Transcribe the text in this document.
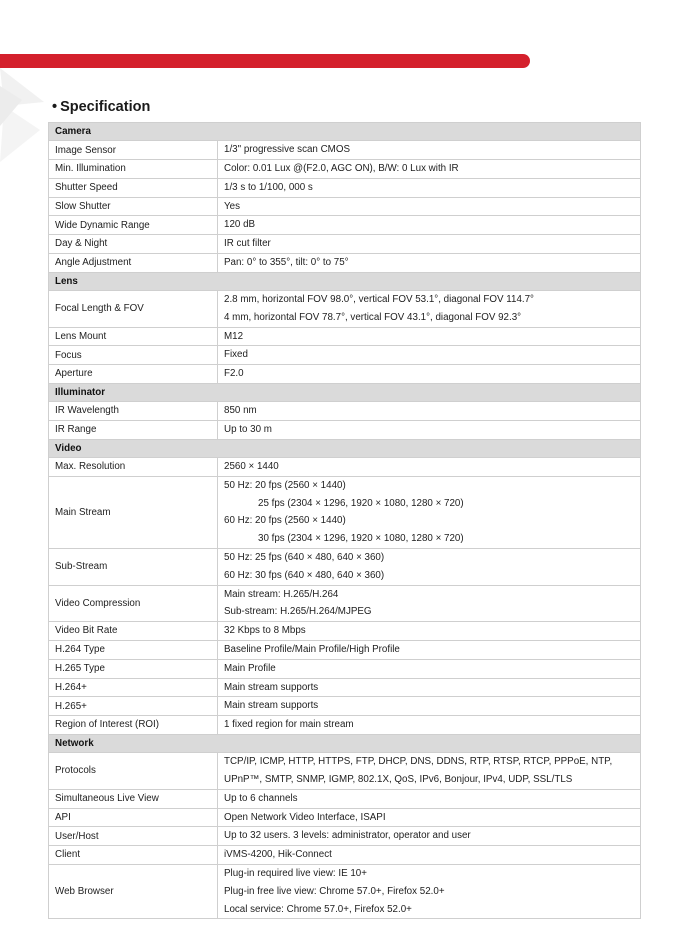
• Specification
Camera	
Image Sensor	1/3" progressive scan CMOS

Min. Illumination	Color: 0.01 Lux @(F2.0, AGC ON), B/W: 0 Lux with IR

Shutter Speed	1/3 s to 1/100, 000 s

Slow Shutter	Yes

Wide Dynamic Range	120 dB

Day & Night	IR cut filter

Angle Adjustment	Pan: 0° to 355°, tilt: 0° to 75°

Lens	
Focal Length & FOV	2.8 mm, horizontal FOV 98.0°, vertical FOV 53.1°, diagonal FOV 114.7°
4 mm, horizontal FOV 78.7°, vertical FOV 43.1°, diagonal FOV 92.3°

Lens Mount	M12

Focus	Fixed

Aperture	F2.0

Illuminator	
IR Wavelength	850 nm

IR Range	Up to 30 m

Video	
Max. Resolution	2560 × 1440

Main Stream	50 Hz: 20 fps (2560 × 1440)
25 fps (2304 × 1296, 1920 × 1080, 1280 × 720)
60 Hz: 20 fps (2560 × 1440)
30 fps (2304 × 1296, 1920 × 1080, 1280 × 720)

Sub-Stream	50 Hz: 25 fps (640 × 480, 640 × 360)
60 Hz: 30 fps (640 × 480, 640 × 360)

Video Compression	Main stream: H.265/H.264
Sub-stream: H.265/H.264/MJPEG

Video Bit Rate	32 Kbps to 8 Mbps

H.264 Type	Baseline Profile/Main Profile/High Profile

H.265 Type	Main Profile

H.264+	Main stream supports

H.265+	Main stream supports

Region of Interest (ROI)	1 fixed region for main stream

Network	
Protocols	TCP/IP, ICMP, HTTP, HTTPS, FTP, DHCP, DNS, DDNS, RTP, RTSP, RTCP, PPPoE, NTP,
UPnP™, SMTP, SNMP, IGMP, 802.1X, QoS, IPv6, Bonjour, IPv4, UDP, SSL/TLS

Simultaneous Live View	Up to 6 channels

API	Open Network Video Interface, ISAPI

User/Host	Up to 32 users. 3 levels: administrator, operator and user

Client	iVMS-4200, Hik-Connect

Web Browser	Plug-in required live view: IE 10+
Plug-in free live view: Chrome 57.0+, Firefox 52.0+
Local service: Chrome 57.0+, Firefox 52.0+
